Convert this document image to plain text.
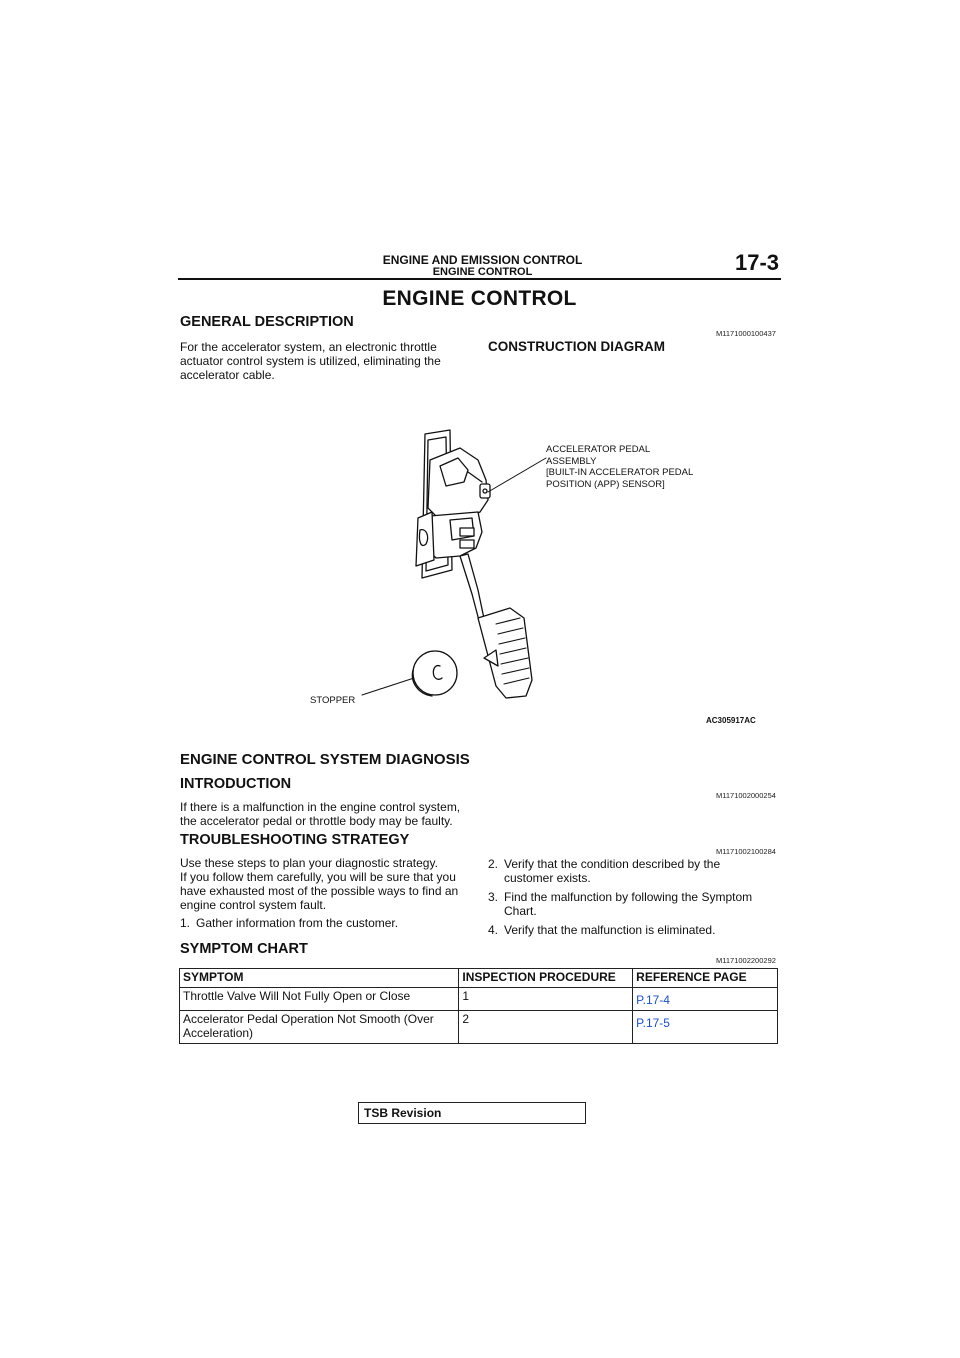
ENGINE AND EMISSION CONTROL
ENGINE CONTROL	17-3
ENGINE CONTROL
GENERAL DESCRIPTION
M1171000100437
For the accelerator system, an electronic throttle
actuator control system is utilized, eliminating the
accelerator cable.
CONSTRUCTION DIAGRAM
ACCELERATOR PEDAL
ASSEMBLY
[BUILT-IN ACCELERATOR PEDAL
POSITION (APP) SENSOR]
STOPPER
AC305917AC
ENGINE CONTROL SYSTEM DIAGNOSIS
INTRODUCTION
M1171002000254
If there is a malfunction in the engine control system,
the accelerator pedal or throttle body may be faulty.
TROUBLESHOOTING STRATEGY
M1171002100284
Use these steps to plan your diagnostic strategy.
If you follow them carefully, you will be sure that you
have exhausted most of the possible ways to find an
engine control system fault.
1. Gather information from the customer.
2. Verify that the condition described by the customer exists.
3. Find the malfunction by following the Symptom Chart.
4. Verify that the malfunction is eliminated.
SYMPTOM CHART
M1171002200292
SYMPTOM	INSPECTION PROCEDURE	REFERENCE PAGE
Throttle Valve Will Not Fully Open or Close	1	P.17-4
Accelerator Pedal Operation Not Smooth (Over Acceleration)	2	P.17-5
TSB Revision
